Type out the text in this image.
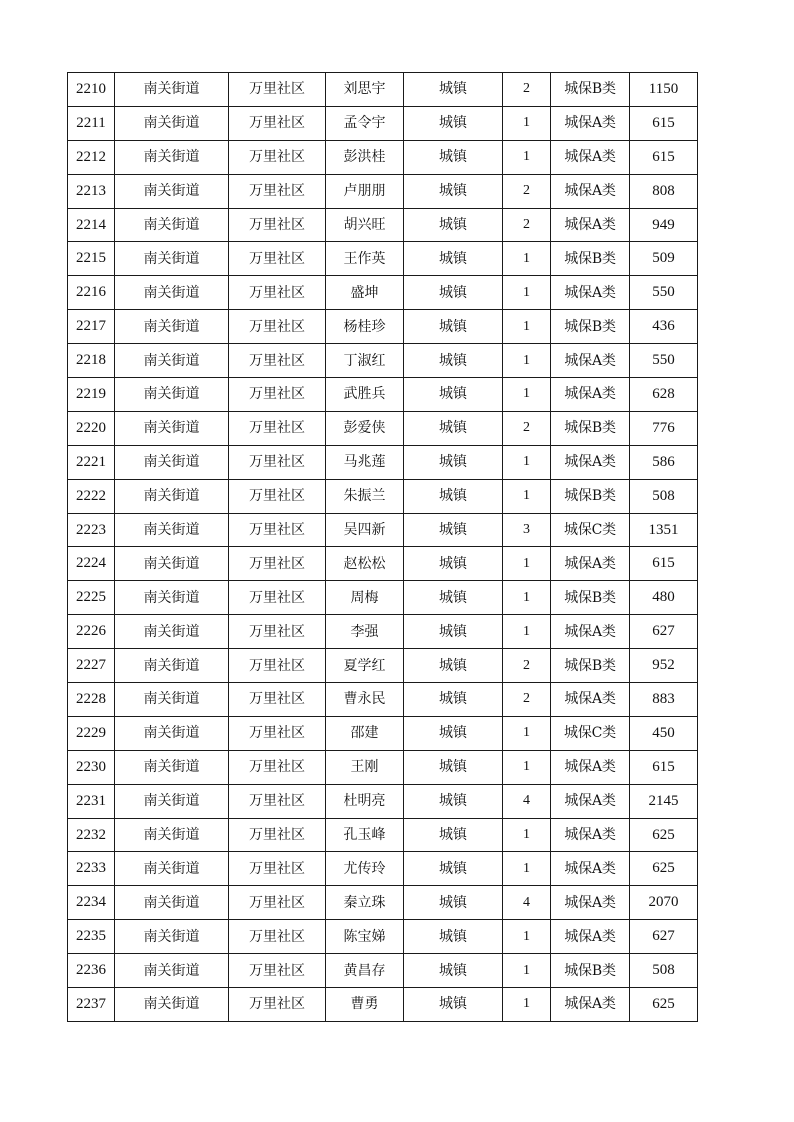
2210	南关街道	万里社区	刘思宇	城镇	2	城保B类	1150
2211	南关街道	万里社区	孟令宇	城镇	1	城保A类	615
2212	南关街道	万里社区	彭洪桂	城镇	1	城保A类	615
2213	南关街道	万里社区	卢朋朋	城镇	2	城保A类	808
2214	南关街道	万里社区	胡兴旺	城镇	2	城保A类	949
2215	南关街道	万里社区	王作英	城镇	1	城保B类	509
2216	南关街道	万里社区	盛坤	城镇	1	城保A类	550
2217	南关街道	万里社区	杨桂珍	城镇	1	城保B类	436
2218	南关街道	万里社区	丁淑红	城镇	1	城保A类	550
2219	南关街道	万里社区	武胜兵	城镇	1	城保A类	628
2220	南关街道	万里社区	彭爱侠	城镇	2	城保B类	776
2221	南关街道	万里社区	马兆莲	城镇	1	城保A类	586
2222	南关街道	万里社区	朱振兰	城镇	1	城保B类	508
2223	南关街道	万里社区	吴四新	城镇	3	城保C类	1351
2224	南关街道	万里社区	赵松松	城镇	1	城保A类	615
2225	南关街道	万里社区	周梅	城镇	1	城保B类	480
2226	南关街道	万里社区	李强	城镇	1	城保A类	627
2227	南关街道	万里社区	夏学红	城镇	2	城保B类	952
2228	南关街道	万里社区	曹永民	城镇	2	城保A类	883
2229	南关街道	万里社区	邵建	城镇	1	城保C类	450
2230	南关街道	万里社区	王刚	城镇	1	城保A类	615
2231	南关街道	万里社区	杜明亮	城镇	4	城保A类	2145
2232	南关街道	万里社区	孔玉峰	城镇	1	城保A类	625
2233	南关街道	万里社区	尤传玲	城镇	1	城保A类	625
2234	南关街道	万里社区	秦立珠	城镇	4	城保A类	2070
2235	南关街道	万里社区	陈宝娣	城镇	1	城保A类	627
2236	南关街道	万里社区	黄昌存	城镇	1	城保B类	508
2237	南关街道	万里社区	曹勇	城镇	1	城保A类	625
